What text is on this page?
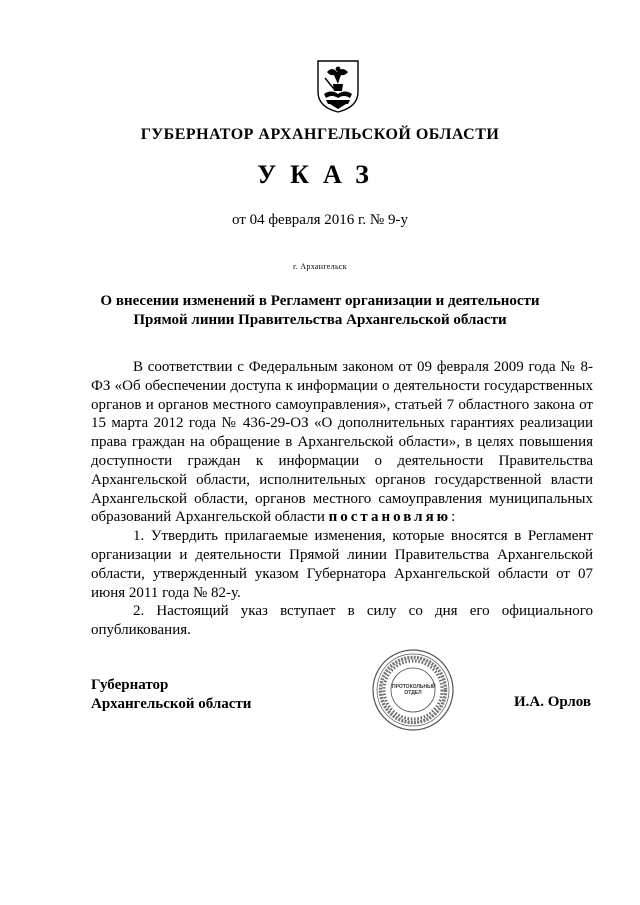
ГУБЕРНАТОР АРХАНГЕЛЬСКОЙ ОБЛАСТИ
УКАЗ
от 04 февраля 2016 г. № 9-у
г. Архангельск
О внесении изменений в Регламент организации и деятельности
Прямой линии Правительства Архангельской области

В соответствии с Федеральным законом от 09 февраля 2009 года № 8-ФЗ «Об обеспечении доступа к информации о деятельности государственных органов и органов местного самоуправления», статьей 7 областного закона от 15 марта 2012 года № 436-29-ОЗ «О дополнительных гарантиях реализации права граждан на обращение в Архангельской области», в целях повышения доступности граждан к информации о деятельности Правительства Архангельской области, исполнительных органов государственной власти Архангельской области, органов местного самоуправления муниципальных образований Архангельской области постановляю:

1. Утвердить прилагаемые изменения, которые вносятся в Регламент организации и деятельности Прямой линии Правительства Архангельской области, утвержденный указом Губернатора Архангельской области от 07 июня 2011 года № 82-у.

2. Настоящий указ вступает в силу со дня его официального опубликования.

Губернатор
Архангельской области
ПРОТОКОЛЬНЫЙ
ОТДЕЛ
И.А. Орлов
